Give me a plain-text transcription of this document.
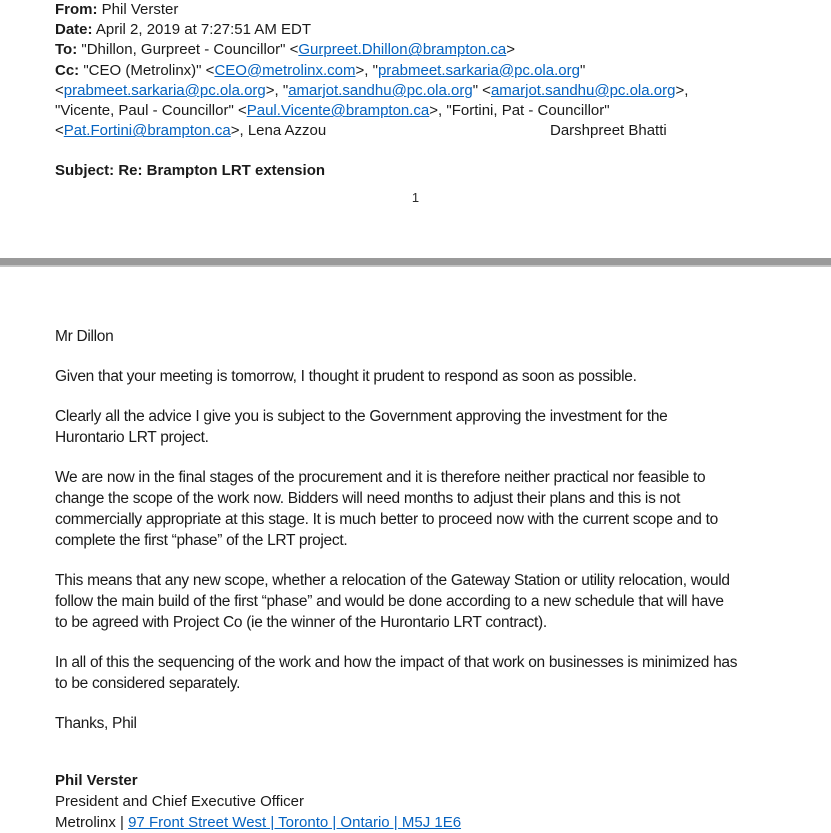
From: Phil Verster
Date: April 2, 2019 at 7:27:51 AM EDT
To: "Dhillon, Gurpreet - Councillor" <Gurpreet.Dhillon@brampton.ca>
Cc: "CEO (Metrolinx)" <CEO@metrolinx.com>, "prabmeet.sarkaria@pc.ola.org"
<prabmeet.sarkaria@pc.ola.org>, "amarjot.sandhu@pc.ola.org" <amarjot.sandhu@pc.ola.org>,
"Vicente, Paul - Councillor" <Paul.Vicente@brampton.ca>, "Fortini, Pat - Councillor"
<Pat.Fortini@brampton.ca>, Lena Azzou	Darshpreet Bhatti
Subject: Re: Brampton LRT extension
1
Mr Dillon
Given that your meeting is tomorrow, I thought it prudent to respond as soon as possible.
Clearly all the advice I give you is subject to the Government approving the investment for the
Hurontario LRT project.
We are now in the final stages of the procurement and it is therefore neither practical nor feasible to
change the scope of the work now. Bidders will need months to adjust their plans and this is not
commercially appropriate at this stage. It is much better to proceed now with the current scope and to
complete the first “phase” of the LRT project.
This means that any new scope, whether a relocation of the Gateway Station or utility relocation, would
follow the main build of the first “phase” and would be done according to a new schedule that will have
to be agreed with Project Co (ie the winner of the Hurontario LRT contract).
In all of this the sequencing of the work and how the impact of that work on businesses is minimized has
to be considered separately.
Thanks, Phil
Phil Verster
President and Chief Executive Officer
Metrolinx | 97 Front Street West | Toronto | Ontario | M5J 1E6
